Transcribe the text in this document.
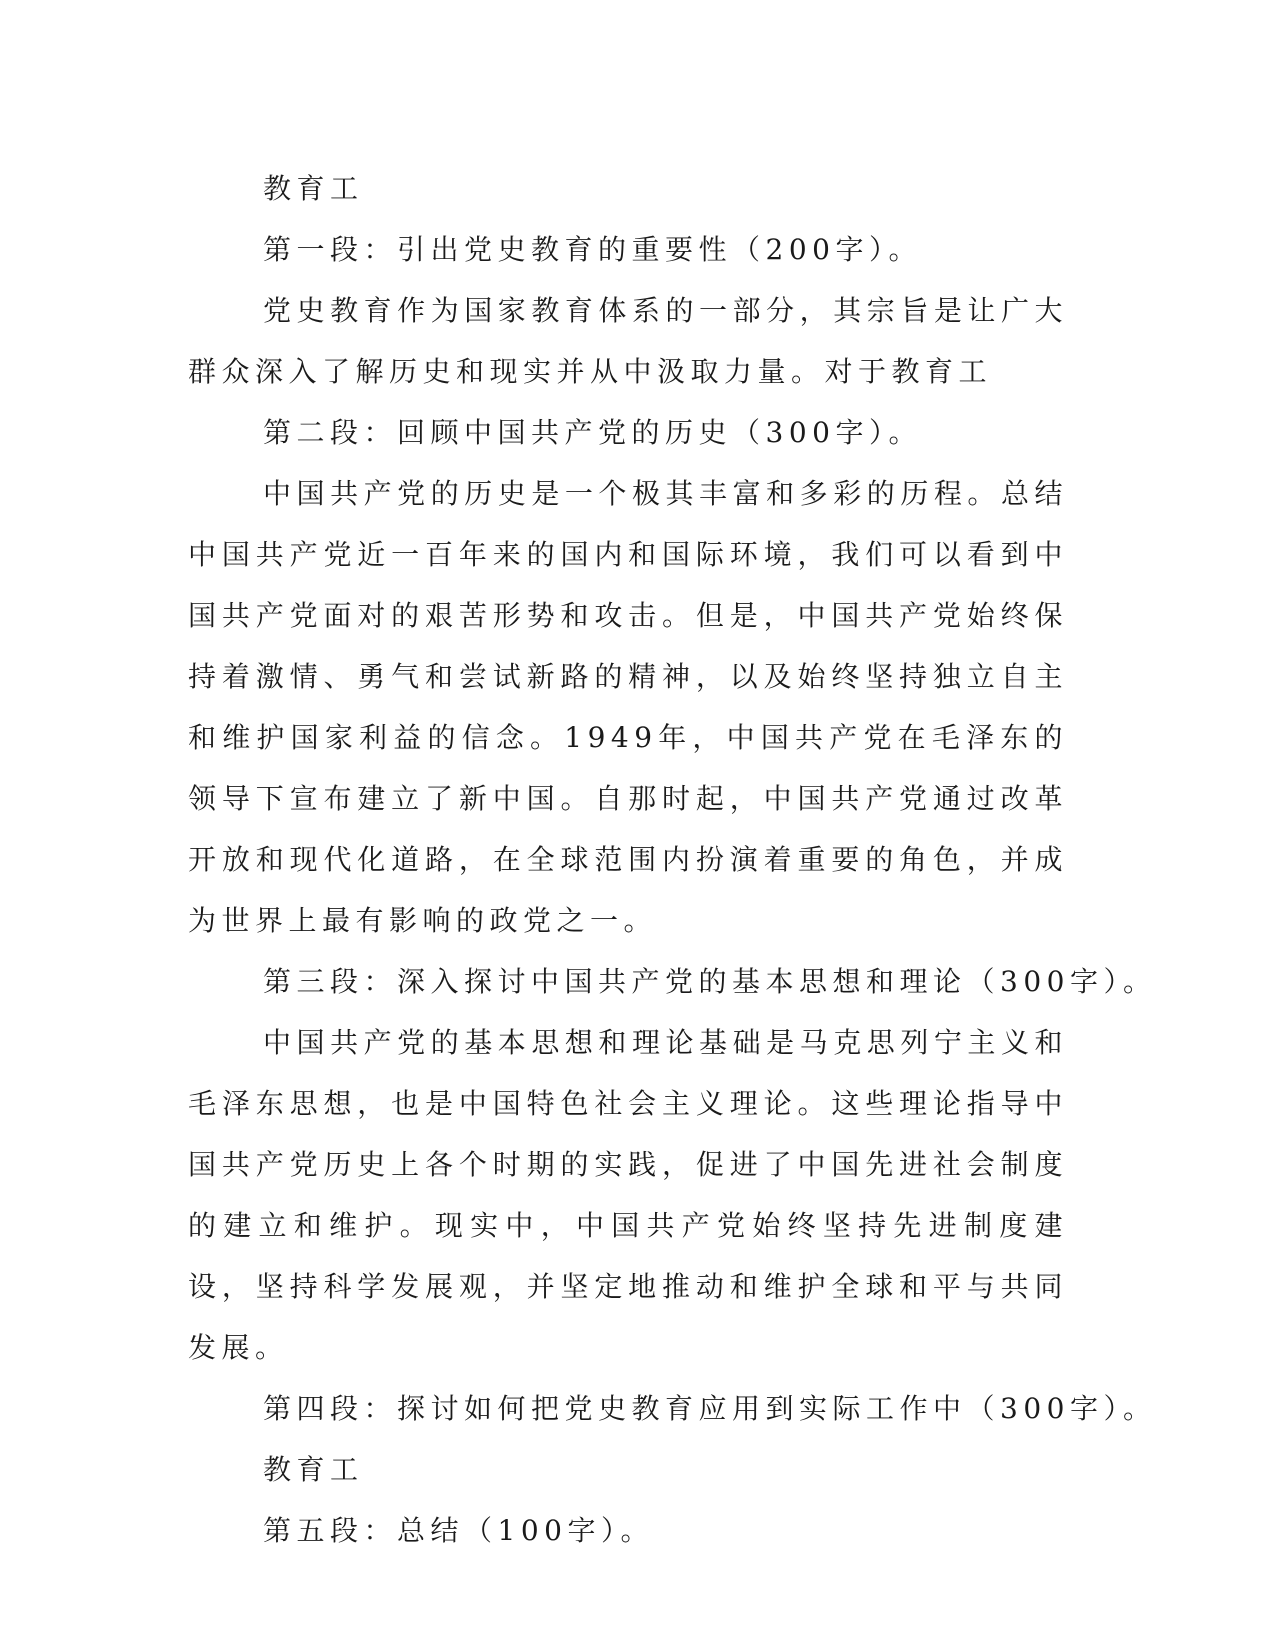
教育工

第一段：引出党史教育的重要性（200字）。

党史教育作为国家教育体系的一部分，其宗旨是让广大群众深入了解历史和现实并从中汲取力量。对于教育工

第二段：回顾中国共产党的历史（300字）。

中国共产党的历史是一个极其丰富和多彩的历程。总结中国共产党近一百年来的国内和国际环境，我们可以看到中国共产党面对的艰苦形势和攻击。但是，中国共产党始终保持着激情、勇气和尝试新路的精神，以及始终坚持独立自主和维护国家利益的信念。1949年，中国共产党在毛泽东的领导下宣布建立了新中国。自那时起，中国共产党通过改革开放和现代化道路，在全球范围内扮演着重要的角色，并成为世界上最有影响的政党之一。

第三段：深入探讨中国共产党的基本思想和理论（300字）。

中国共产党的基本思想和理论基础是马克思列宁主义和毛泽东思想，也是中国特色社会主义理论。这些理论指导中国共产党历史上各个时期的实践，促进了中国先进社会制度的建立和维护。现实中，中国共产党始终坚持先进制度建设，坚持科学发展观，并坚定地推动和维护全球和平与共同发展。

第四段：探讨如何把党史教育应用到实际工作中（300字）。

教育工

第五段：总结（100字）。
